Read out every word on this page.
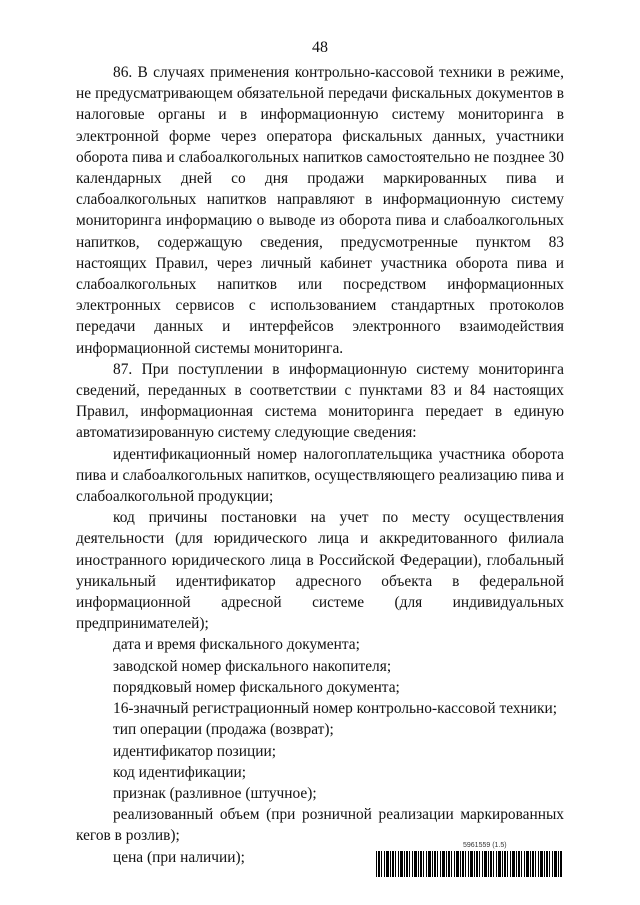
48

86. В случаях применения контрольно-кассовой техники в режиме, не предусматривающем обязательной передачи фискальных документов в налоговые органы и в информационную систему мониторинга в электронной форме через оператора фискальных данных, участники оборота пива и слабоалкогольных напитков самостоятельно не позднее 30 календарных дней со дня продажи маркированных пива и слабоалкогольных напитков направляют в информационную систему мониторинга информацию о выводе из оборота пива и слабоалкогольных напитков, содержащую сведения, предусмотренные пунктом 83 настоящих Правил, через личный кабинет участника оборота пива и слабоалкогольных напитков или посредством информационных электронных сервисов с использованием стандартных протоколов передачи данных и интерфейсов электронного взаимодействия информационной системы мониторинга.

87. При поступлении в информационную систему мониторинга сведений, переданных в соответствии с пунктами 83 и 84 настоящих Правил, информационная система мониторинга передает в единую автоматизированную систему следующие сведения:

идентификационный номер налогоплательщика участника оборота пива и слабоалкогольных напитков, осуществляющего реализацию пива и слабоалкогольной продукции;

код причины постановки на учет по месту осуществления деятельности (для юридического лица и аккредитованного филиала иностранного юридического лица в Российской Федерации), глобальный уникальный идентификатор адресного объекта в федеральной информационной адресной системе (для индивидуальных предпринимателей);

дата и время фискального документа;

заводской номер фискального накопителя;

порядковый номер фискального документа;

16-значный регистрационный номер контрольно-кассовой техники;

тип операции (продажа (возврат);

идентификатор позиции;

код идентификации;

признак (разливное (штучное);

реализованный объем (при розничной реализации маркированных кегов в розлив);

цена (при наличии);

5961559 (1.5)
